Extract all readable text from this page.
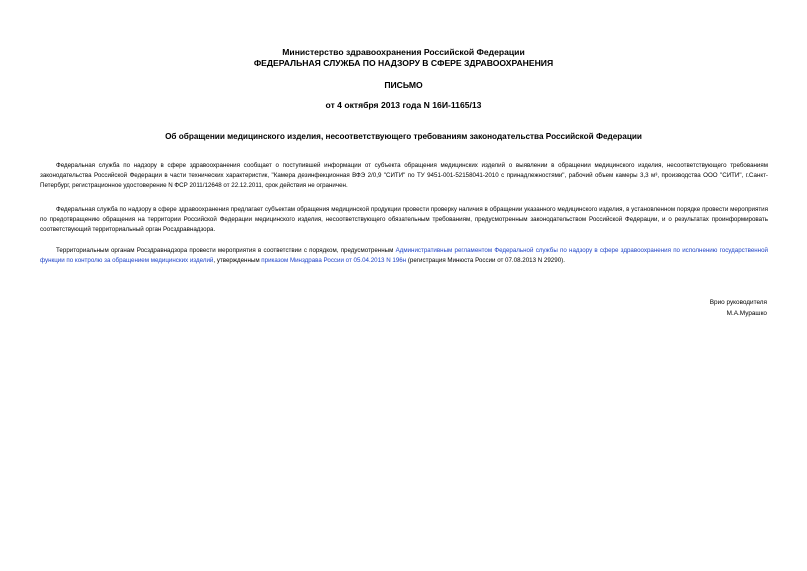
Министерство здравоохранения Российской Федерации
ФЕДЕРАЛЬНАЯ СЛУЖБА ПО НАДЗОРУ В СФЕРЕ ЗДРАВООХРАНЕНИЯ
ПИСЬМО
от 4 октября 2013 года N 16И-1165/13
Об обращении медицинского изделия, несоответствующего требованиям законодательства Российской Федерации

Федеральная служба по надзору в сфере здравоохранения сообщает о поступившей информации от субъекта обращения медицинских изделий о выявлении в обращении медицинского изделия, несоответствующего требованиям законодательства Российской Федерации в части технических характеристик, "Камера дезинфекционная ВФЭ 2/0,9 "СИТИ" по ТУ 9451-001-52158041-2010 с принадлежностями", рабочий объем камеры 3,3 м³, производства ООО "СИТИ", г.Санкт-Петербург, регистрационное удостоверение N ФСР 2011/12648 от 22.12.2011, срок действия не ограничен.

Федеральная служба по надзору в сфере здравоохранения предлагает субъектам обращения медицинской продукции провести проверку наличия в обращении указанного медицинского изделия, в установленном порядке провести мероприятия по предотвращению обращения на территории Российской Федерации медицинского изделия, несоответствующего обязательным требованиям, предусмотренным законодательством Российской Федерации, и о результатах проинформировать соответствующий территориальный орган Росздравнадзора.

Территориальным органам Росздравнадзора провести мероприятия в соответствии с порядком, предусмотренным Административным регламентом Федеральной службы по надзору в сфере здравоохранения по исполнению государственной функции по контролю за обращением медицинских изделий, утвержденным приказом Минздрава России от 05.04.2013 N 196н (регистрация Минюста России от 07.08.2013 N 29290).

Врио руководителя
М.А.Мурашко
